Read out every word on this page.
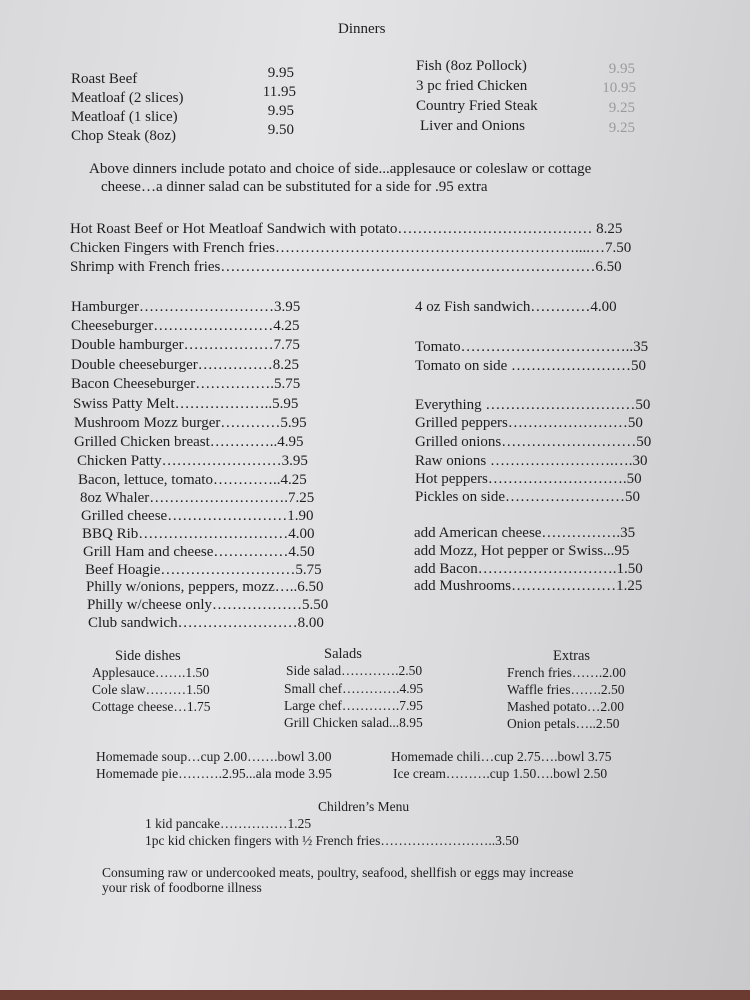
Dinners
Roast Beef	9.95
Meatloaf (2 slices)	11.95
Meatloaf (1 slice)	9.95
Chop Steak (8oz)	9.50
Fish (8oz Pollock)	9.95
3 pc fried Chicken	10.95
Country Fried Steak	9.25
Liver and Onions	9.25
Above dinners include potato and choice of side...applesauce or coleslaw or cottage
cheese…a dinner salad can be substituted for a side for .95 extra
Hot Roast Beef or Hot Meatloaf Sandwich with potato………………………………… 8.25
Chicken Fingers with French fries……………………………………………………....…7.50
Shrimp with French fries…………………………………………………………………6.50
Hamburger………………………3.95
Cheeseburger……………………4.25
Double hamburger………………7.75
Double cheeseburger……………8.25
Bacon Cheeseburger…………….5.75
Swiss Patty Melt………………..5.95
Mushroom Mozz burger…………5.95
Grilled Chicken breast…………..4.95
Chicken Patty……………………3.95
Bacon, lettuce, tomato…………..4.25
8oz Whaler……………………….7.25
Grilled cheese……………………1.90
BBQ Rib…………………………4.00
Grill Ham and cheese……………4.50
Beef Hoagie………………………5.75
Philly w/onions, peppers, mozz…..6.50
Philly w/cheese only………………5.50
Club sandwich……………………8.00
4 oz Fish sandwich…………4.00
Tomato……………………………..35
Tomato on side ……………………50
Everything …………………………50
Grilled peppers……………………50
Grilled onions………………………50
Raw onions …………………….….30
Hot peppers……………………….50
Pickles on side……………………50
add American cheese…………….35
add Mozz, Hot pepper or Swiss...95
add Bacon……………………….1.50
add Mushrooms…………………1.25
Side dishes
Applesauce…….1.50
Cole slaw………1.50
Cottage cheese…1.75
Salads
Side salad………….2.50
Small chef………….4.95
Large chef………….7.95
Grill Chicken salad...8.95
Extras
French fries…….2.00
Waffle fries…….2.50
Mashed potato…2.00
Onion petals…..2.50
Homemade soup…cup 2.00…….bowl 3.00
Homemade pie……….2.95...ala mode 3.95
Homemade chili…cup 2.75….bowl 3.75
Ice cream……….cup 1.50….bowl 2.50
Children’s Menu
1 kid pancake……………1.25
1pc kid chicken fingers with ½ French fries……………………..3.50
Consuming raw or undercooked meats, poultry, seafood, shellfish or eggs may increase
your risk of foodborne illness
